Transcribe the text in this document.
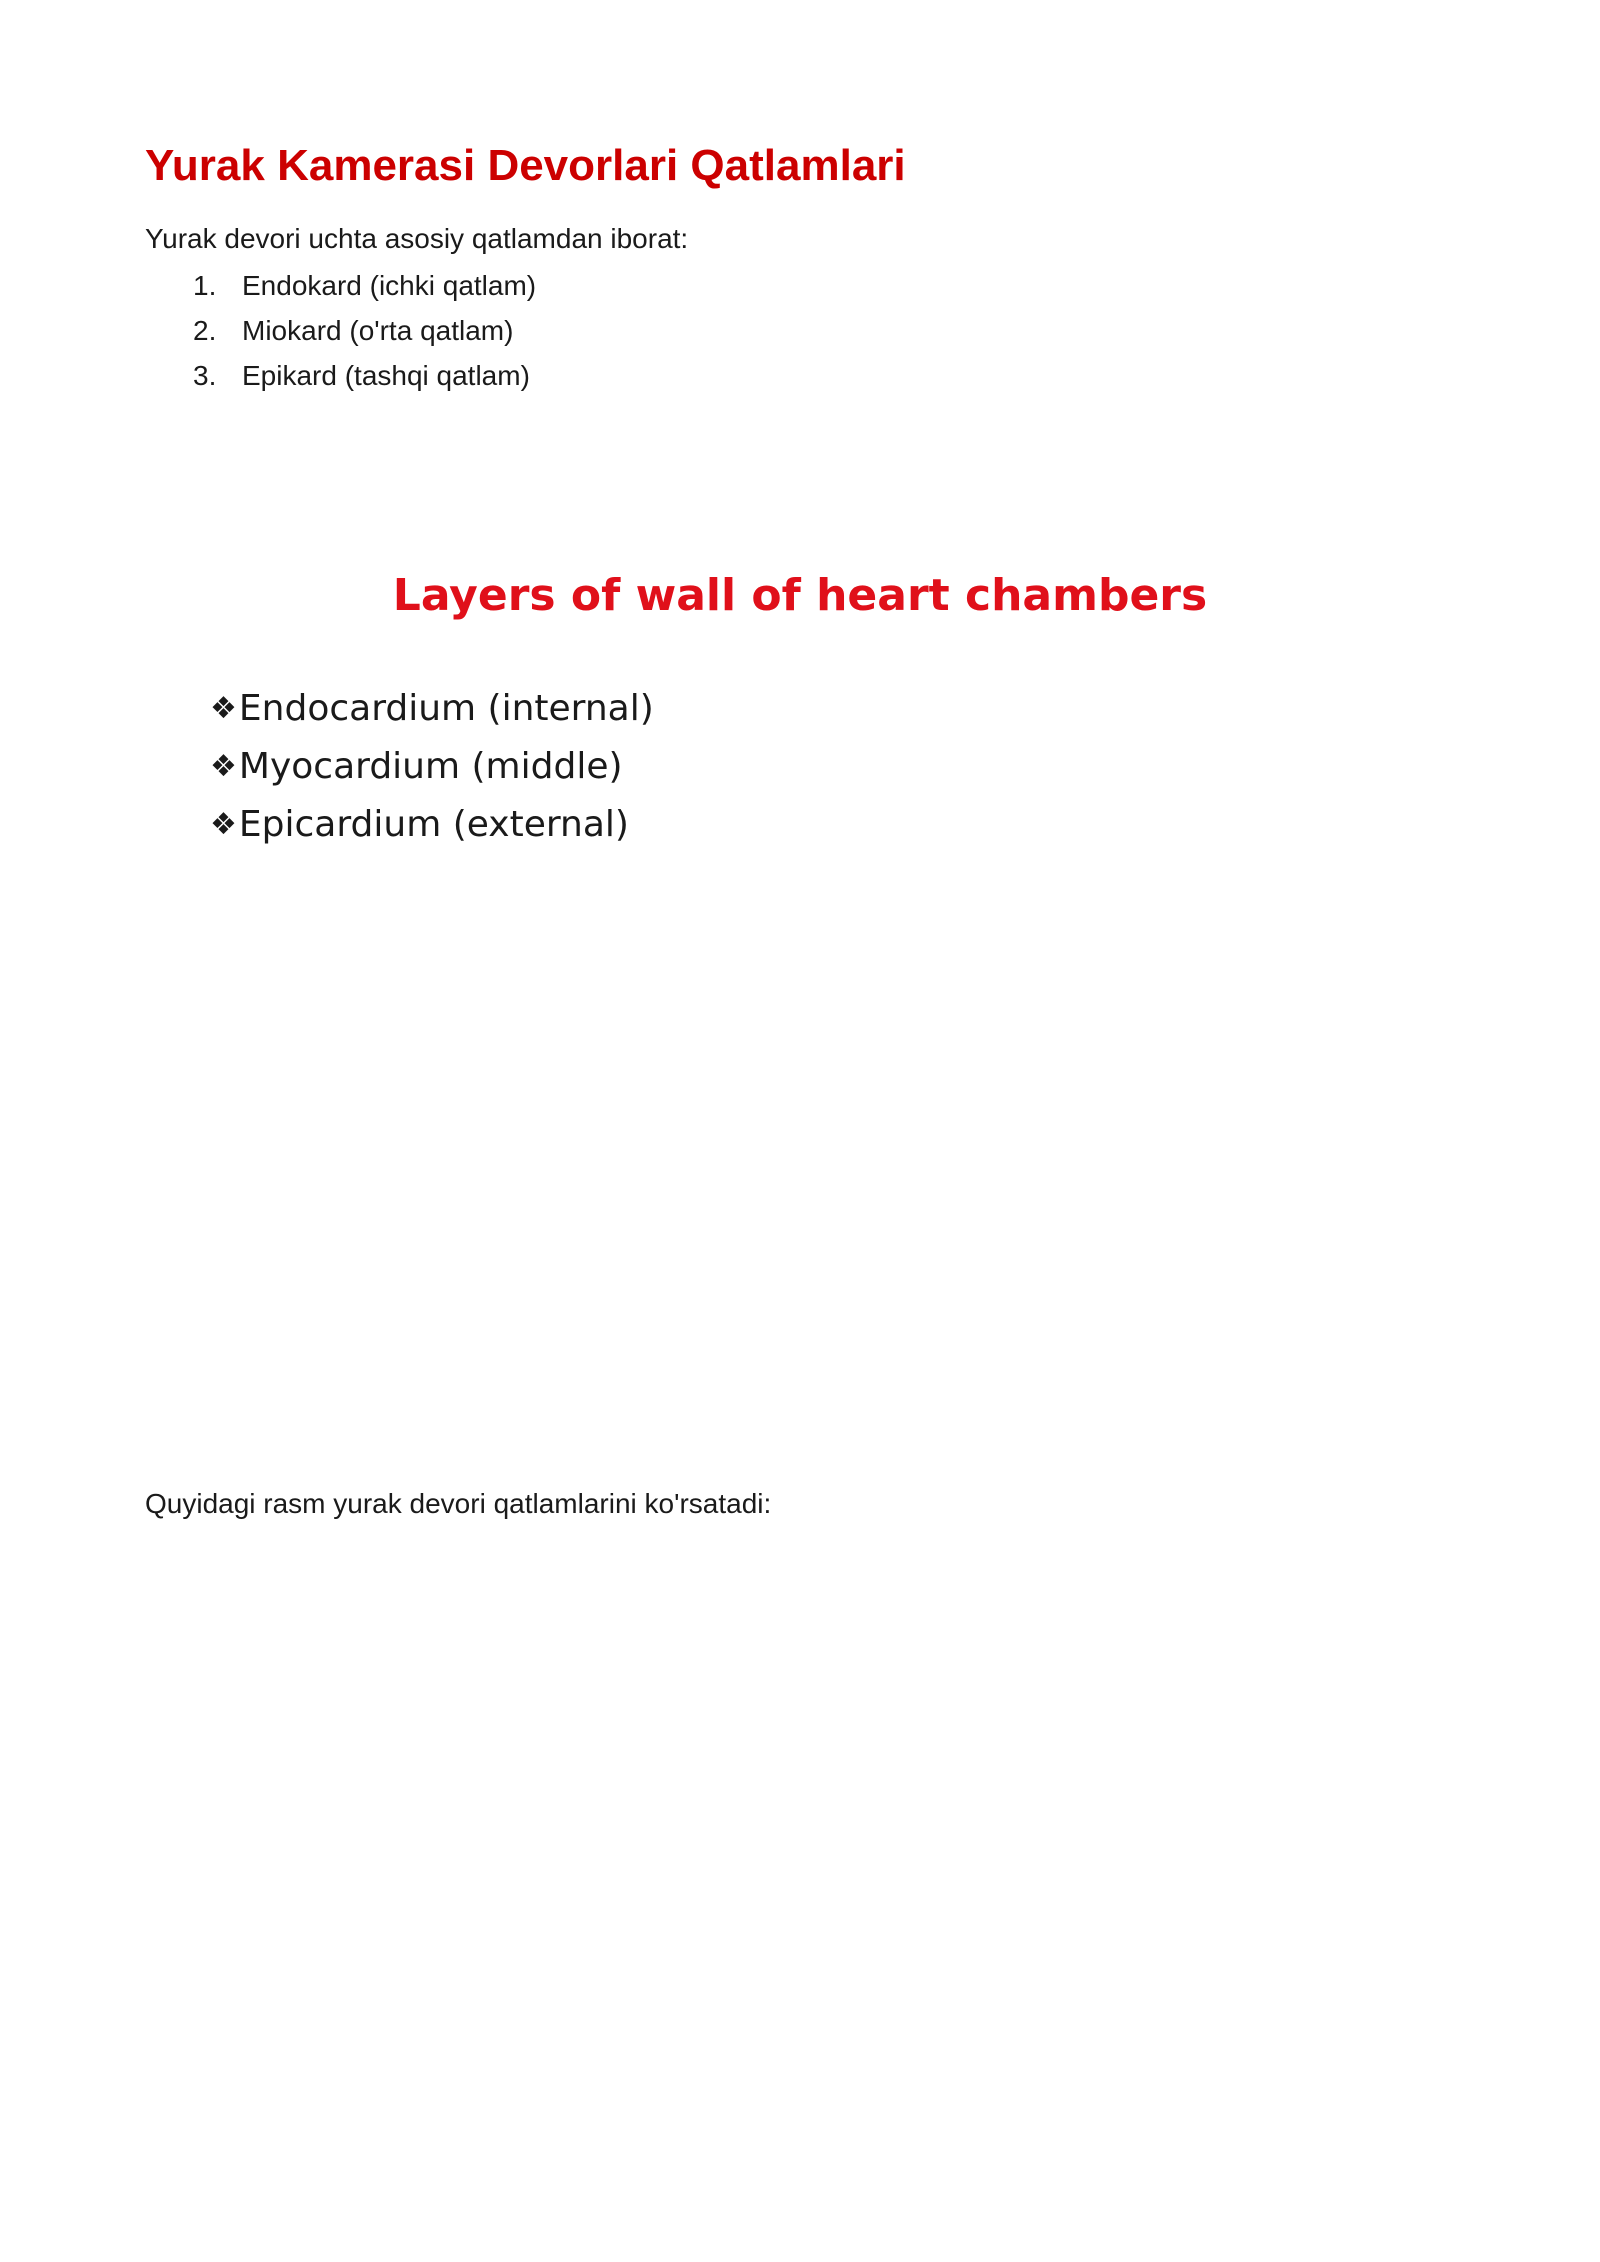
Yurak Kamerasi Devorlari Qatlamlari

Yurak devori uchta asosiy qatlamdan iborat:

1. Endokard (ichki qatlam)
2. Miokard (o'rta qatlam)
3. Epikard (tashqi qatlam)
Layers of wall of heart chambers
❖Endocardium (internal)
❖Myocardium (middle)
❖Epicardium (external)

Quyidagi rasm yurak devori qatlamlarini ko'rsatadi:
